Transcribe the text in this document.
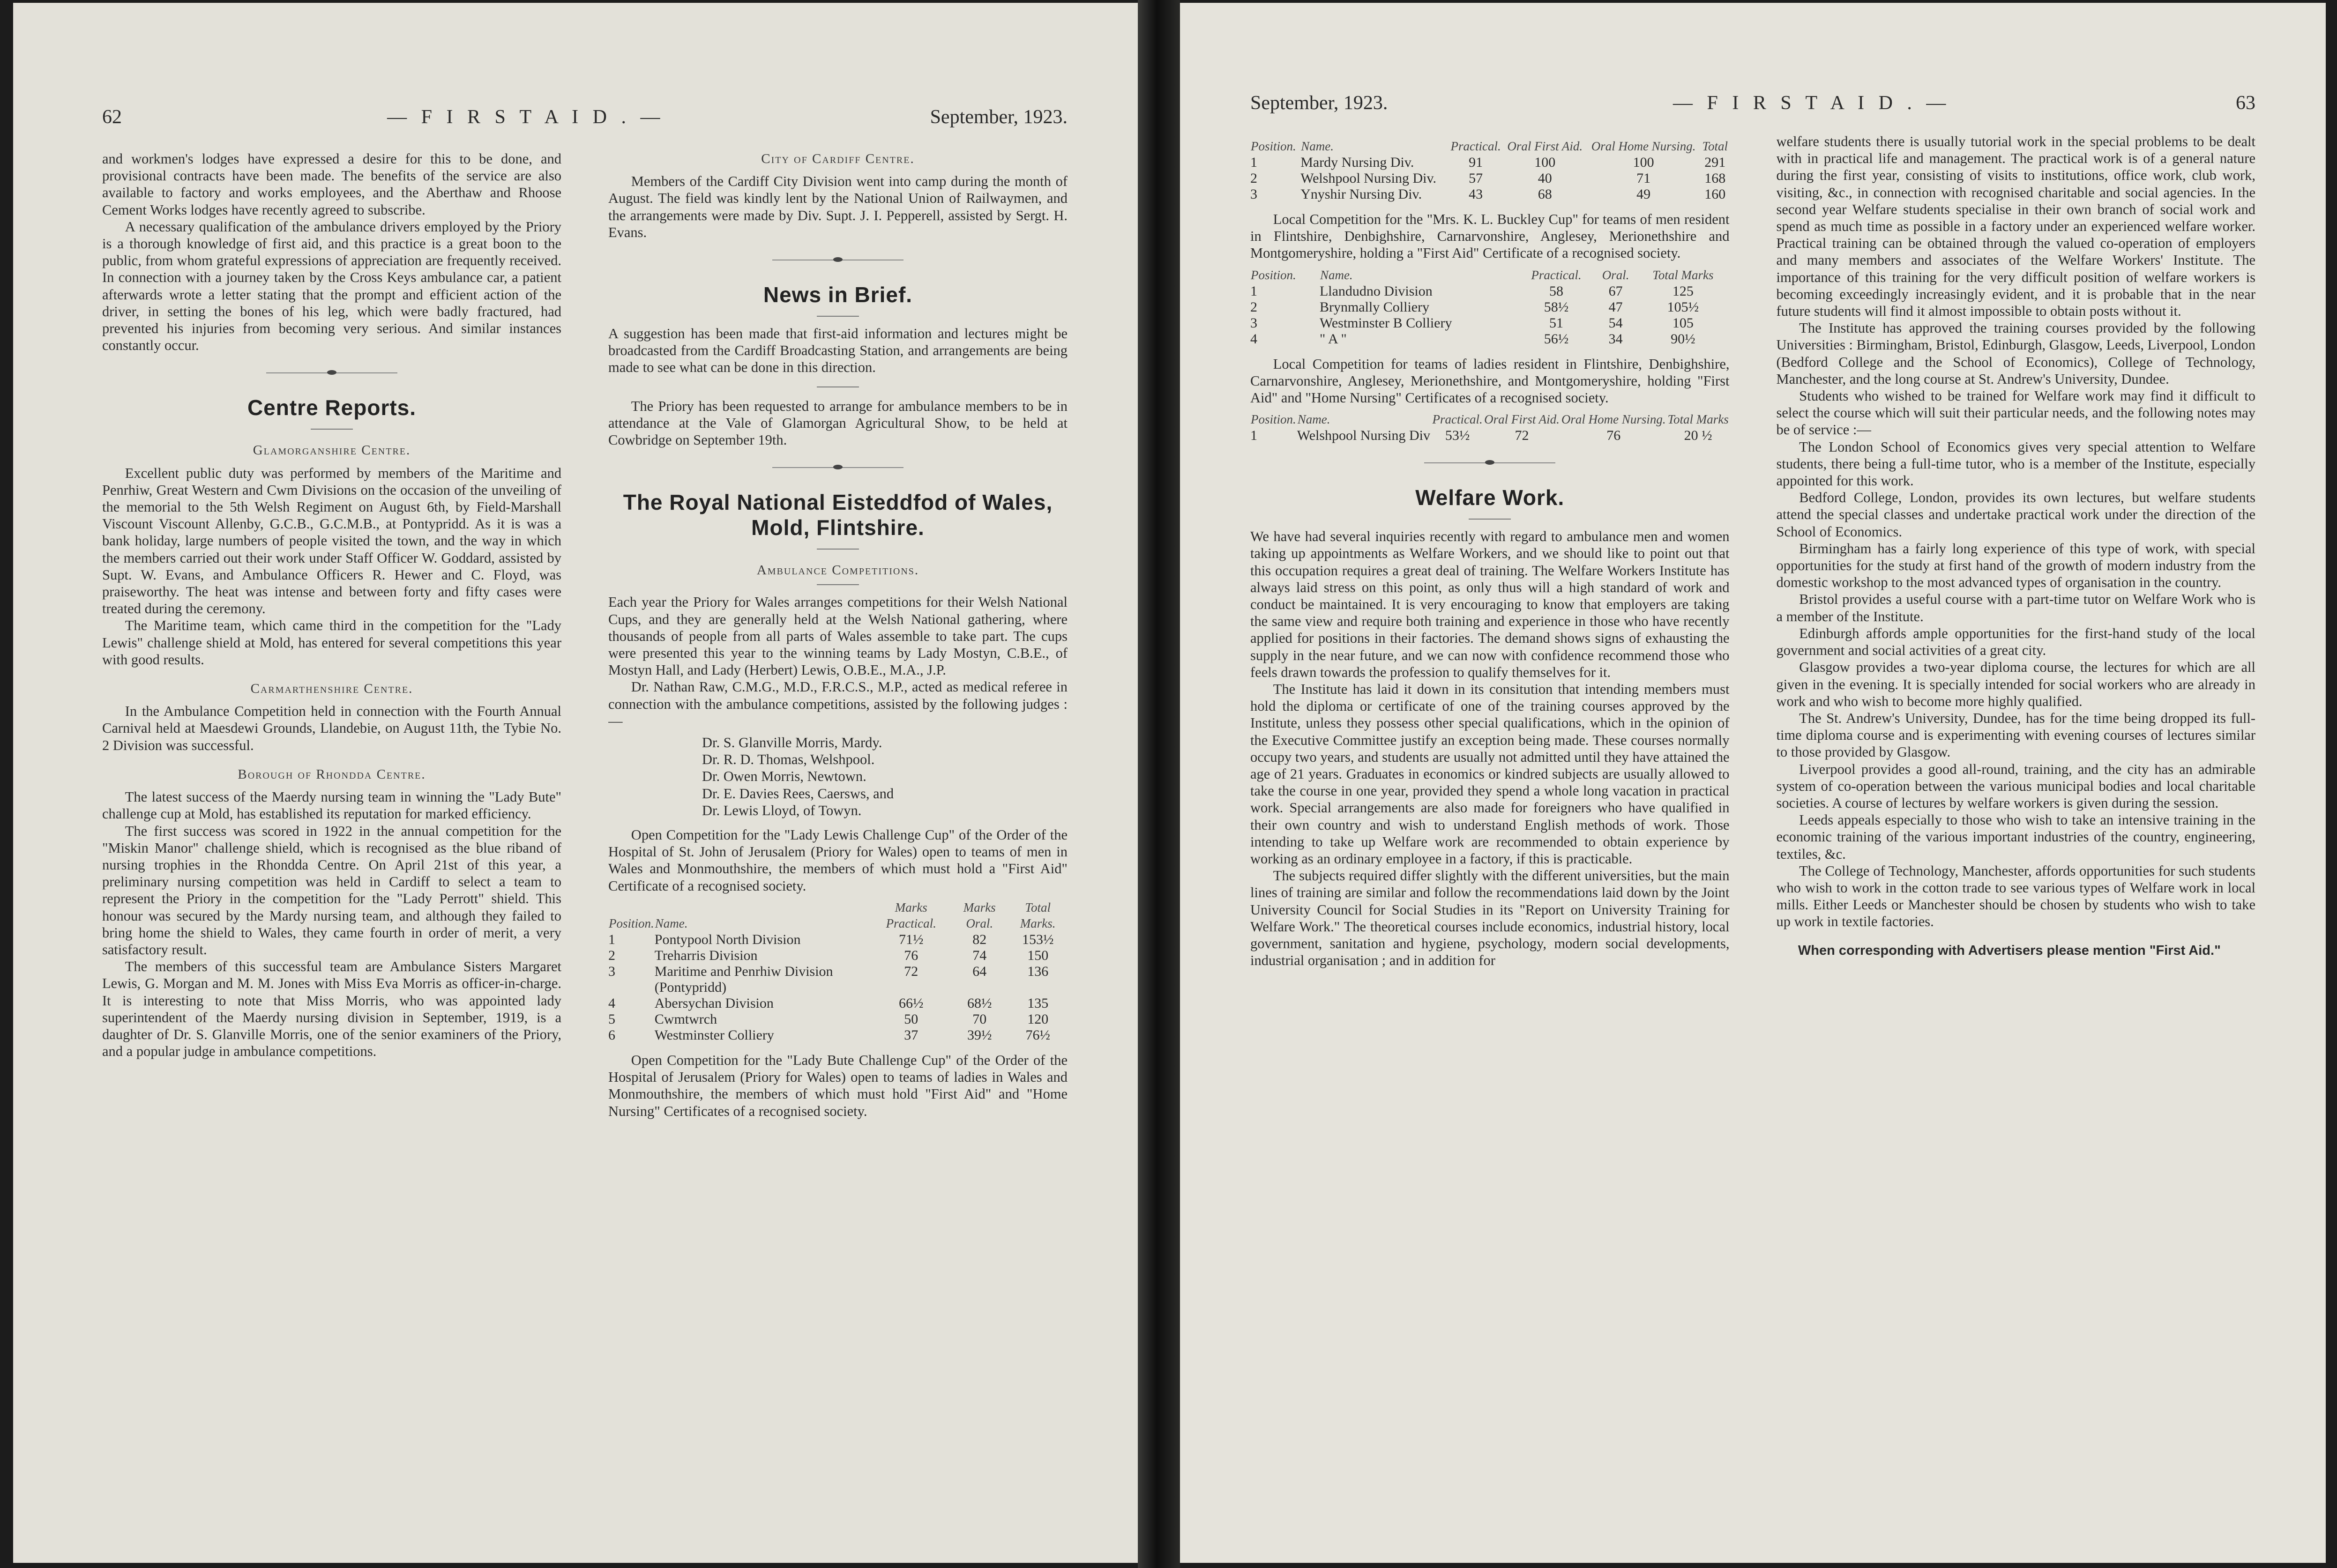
62	— F I R S T A I D . —	September, 1923.

and workmen's lodges have expressed a desire for this to be done, and provisional contracts have been made. The benefits of the service are also available to factory and works employees, and the Aberthaw and Rhoose Cement Works lodges have recently agreed to subscribe.

A necessary qualification of the ambulance drivers employed by the Priory is a thorough knowledge of first aid, and this practice is a great boon to the public, from whom grateful expressions of appreciation are frequently received. In connection with a journey taken by the Cross Keys ambulance car, a patient afterwards wrote a letter stating that the prompt and efficient action of the driver, in setting the bones of his leg, which were badly fractured, had prevented his injuries from becoming very serious. And similar instances constantly occur.

Centre Reports.
Glamorganshire Centre.

Excellent public duty was performed by members of the Maritime and Penrhiw, Great Western and Cwm Divisions on the occasion of the unveiling of the memorial to the 5th Welsh Regiment on August 6th, by Field-Marshall Viscount Viscount Allenby, G.C.B., G.C.M.B., at Pontypridd. As it is was a bank holiday, large numbers of people visited the town, and the way in which the members carried out their work under Staff Officer W. Goddard, assisted by Supt. W. Evans, and Ambulance Officers R. Hewer and C. Floyd, was praiseworthy. The heat was intense and between forty and fifty cases were treated during the ceremony.

The Maritime team, which came third in the competition for the "Lady Lewis" challenge shield at Mold, has entered for several competitions this year with good results.

Carmarthenshire Centre.

In the Ambulance Competition held in connection with the Fourth Annual Carnival held at Maesdewi Grounds, Llandebie, on August 11th, the Tybie No. 2 Division was successful.

Borough of Rhondda Centre.

The latest success of the Maerdy nursing team in winning the "Lady Bute" challenge cup at Mold, has established its reputation for marked efficiency.

The first success was scored in 1922 in the annual competition for the "Miskin Manor" challenge shield, which is recognised as the blue riband of nursing trophies in the Rhondda Centre. On April 21st of this year, a preliminary nursing competition was held in Cardiff to select a team to represent the Priory in the competition for the "Lady Perrott" shield. This honour was secured by the Mardy nursing team, and although they failed to bring home the shield to Wales, they came fourth in order of merit, a very satisfactory result.

The members of this successful team are Ambulance Sisters Margaret Lewis, G. Morgan and M. M. Jones with Miss Eva Morris as officer-in-charge. It is interesting to note that Miss Morris, who was appointed lady superintendent of the Maerdy nursing division in September, 1919, is a daughter of Dr. S. Glanville Morris, one of the senior examiners of the Priory, and a popular judge in ambulance competitions.

City of Cardiff Centre.

Members of the Cardiff City Division went into camp during the month of August. The field was kindly lent by the National Union of Railwaymen, and the arrangements were made by Div. Supt. J. I. Pepperell, assisted by Sergt. H. Evans.

News in Brief.

A suggestion has been made that first-aid information and lectures might be broadcasted from the Cardiff Broadcasting Station, and arrangements are being made to see what can be done in this direction.

The Priory has been requested to arrange for ambulance members to be in attendance at the Vale of Glamorgan Agricultural Show, to be held at Cowbridge on September 19th.

The Royal National Eisteddfod of Wales, Mold, Flintshire.
Ambulance Competitions.

Each year the Priory for Wales arranges competitions for their Welsh National Cups, and they are generally held at the Welsh National gathering, where thousands of people from all parts of Wales assemble to take part. The cups were presented this year to the winning teams by Lady Mostyn, C.B.E., of Mostyn Hall, and Lady (Herbert) Lewis, O.B.E., M.A., J.P.

Dr. Nathan Raw, C.M.G., M.D., F.R.C.S., M.P., acted as medical referee in connection with the ambulance competitions, assisted by the following judges :—

Dr. S. Glanville Morris, Mardy.
Dr. R. D. Thomas, Welshpool.
Dr. Owen Morris, Newtown.
Dr. E. Davies Rees, Caersws, and
Dr. Lewis Lloyd, of Towyn.

Open Competition for the "Lady Lewis Challenge Cup" of the Order of the Hospital of St. John of Jerusalem (Priory for Wales) open to teams of men in Wales and Monmouthshire, the members of which must hold a "First Aid" Certificate of a recognised society.

Position.	Name.	Marks Practical.	Marks Oral.	Total Marks.
1	Pontypool North Division	71½	82	153½
2	Treharris Division	76	74	150
3	Maritime and Penrhiw Division (Pontypridd)	72	64	136
4	Abersychan Division	66½	68½	135
5	Cwmtwrch	50	70	120
6	Westminster Colliery	37	39½	76½

Open Competition for the "Lady Bute Challenge Cup" of the Order of the Hospital of Jerusalem (Priory for Wales) open to teams of ladies in Wales and Monmouthshire, the members of which must hold "First Aid" and "Home Nursing" Certificates of a recognised society.

September, 1923.	— F I R S T A I D . —	63
Position.	Name.	Practical.	Oral First Aid.	Oral Home Nursing.	Total
1	Mardy Nursing Div.	91	100	100	291
2	Welshpool Nursing Div.	57	40	71	168
3	Ynyshir Nursing Div.	43	68	49	160

Local Competition for the "Mrs. K. L. Buckley Cup" for teams of men resident in Flintshire, Denbighshire, Carnarvonshire, Anglesey, Merionethshire and Montgomeryshire, holding a "First Aid" Certificate of a recognised society.

Position.	Name.	Practical.	Oral.	Total Marks
1	Llandudno Division	58	67	125
2	Brynmally Colliery	58½	47	105½
3	Westminster B Colliery	51	54	105
4	" A "	56½	34	90½

Local Competition for teams of ladies resident in Flintshire, Denbighshire, Carnarvonshire, Anglesey, Merionethshire, and Montgomeryshire, holding "First Aid" and "Home Nursing" Certificates of a recognised society.

Position.	Name.	Practical.	Oral First Aid.	Oral Home Nursing.	Total Marks
1	Welshpool Nursing Div	53½	72	76	20 ½
Welfare Work.

We have had several inquiries recently with regard to ambulance men and women taking up appointments as Welfare Workers, and we should like to point out that this occupation requires a great deal of training. The Welfare Workers Institute has always laid stress on this point, as only thus will a high standard of work and conduct be maintained. It is very encouraging to know that employers are taking the same view and require both training and experience in those who have recently applied for positions in their factories. The demand shows signs of exhausting the supply in the near future, and we can now with confidence recommend those who feels drawn towards the profession to qualify themselves for it.

The Institute has laid it down in its consitution that intending members must hold the diploma or certificate of one of the training courses approved by the Institute, unless they possess other special qualifications, which in the opinion of the Executive Committee justify an exception being made. These courses normally occupy two years, and students are usually not admitted until they have attained the age of 21 years. Graduates in economics or kindred subjects are usually allowed to take the course in one year, provided they spend a whole long vacation in practical work. Special arrangements are also made for foreigners who have qualified in their own country and wish to understand English methods of work. Those intending to take up Welfare work are recommended to obtain experience by working as an ordinary employee in a factory, if this is practicable.

The subjects required differ slightly with the different universities, but the main lines of training are similar and follow the recommendations laid down by the Joint University Council for Social Studies in its "Report on University Training for Welfare Work." The theoretical courses include economics, industrial history, local government, sanitation and hygiene, psychology, modern social developments, industrial organisation ; and in addition for

welfare students there is usually tutorial work in the special problems to be dealt with in practical life and management. The practical work is of a general nature during the first year, consisting of visits to institutions, office work, club work, visiting, &c., in connection with recognised charitable and social agencies. In the second year Welfare students specialise in their own branch of social work and spend as much time as possible in a factory under an experienced welfare worker. Practical training can be obtained through the valued co-operation of employers and many members and associates of the Welfare Workers' Institute. The importance of this training for the very difficult position of welfare workers is becoming exceedingly increasingly evident, and it is probable that in the near future students will find it almost impossible to obtain posts without it.

The Institute has approved the training courses provided by the following Universities : Birmingham, Bristol, Edinburgh, Glasgow, Leeds, Liverpool, London (Bedford College and the School of Economics), College of Technology, Manchester, and the long course at St. Andrew's University, Dundee.

Students who wished to be trained for Welfare work may find it difficult to select the course which will suit their particular needs, and the following notes may be of service :—

The London School of Economics gives very special attention to Welfare students, there being a full-time tutor, who is a member of the Institute, especially appointed for this work.

Bedford College, London, provides its own lectures, but welfare students attend the special classes and undertake practical work under the direction of the School of Economics.

Birmingham has a fairly long experience of this type of work, with special opportunities for the study at first hand of the growth of modern industry from the domestic workshop to the most advanced types of organisation in the country.

Bristol provides a useful course with a part-time tutor on Welfare Work who is a member of the Institute.

Edinburgh affords ample opportunities for the first-hand study of the local government and social activities of a great city.

Glasgow provides a two-year diploma course, the lectures for which are all given in the evening. It is specially intended for social workers who are already in work and who wish to become more highly qualified.

The St. Andrew's University, Dundee, has for the time being dropped its full-time diploma course and is experimenting with evening courses of lectures similar to those provided by Glasgow.

Liverpool provides a good all-round, training, and the city has an admirable system of co-operation between the various municipal bodies and local charitable societies. A course of lectures by welfare workers is given during the session.

Leeds appeals especially to those who wish to take an intensive training in the economic training of the various important industries of the country, engineering, textiles, &c.

The College of Technology, Manchester, affords opportunities for such students who wish to work in the cotton trade to see various types of Welfare work in local mills. Either Leeds or Manchester should be chosen by students who wish to take up work in textile factories.

When corresponding with Advertisers please mention "First Aid."
